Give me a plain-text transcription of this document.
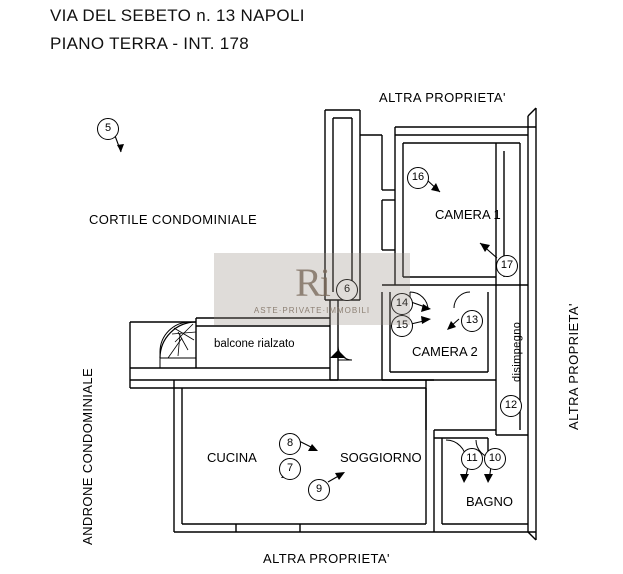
VIA DEL SEBETO n. 13 NAPOLI
PIANO TERRA - INT. 178
ALTRA PROPRIETA'
ALTRA PROPRIETA'
CORTILE CONDOMINIALE
balcone rialzato
CAMERA 1
CAMERA 2
CUCINA	SOGGIORNO
BAGNO
ALTRA PROPRIETA'
ANDRONE CONDOMINIALE
disimpegno
5
16
17
6
14
15	13
12
8
7
9
11	10
Ri
ASTE·PRIVATE·IMMOBILI
